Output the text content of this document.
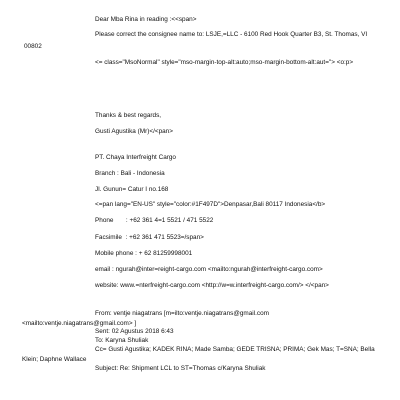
Dear Mba Rina in reading :<<span>

Please correct the consignee name to: LSJE,=LLC - 6100 Red Hook Quarter B3, St. Thomas, VI

00802

<= class="MsoNormal" style="mso-margin-top-alt:auto;mso-margin-bottom-alt:aut="> <o:p>

Thanks & best regards,

Gusti Agustika (Mr)</<pan>

PT. Chaya Interfreight Cargo

Branch : Bali - Indonesia

Jl. Gunun= Catur I no.168

<=pan lang="EN-US" style="color:#1F497D">Denpasar,Bali 80117 Indonesia</b>

Phone       : +62 361 4=1 5521 / 471 5522

Facsimile  : +62 361 471 5523=/span>

Mobile phone : + 62 81259998001

email : ngurah@inter=reight-cargo.com <mailto:ngurah@interfreight-cargo.com>

website: www.=nterfreight-cargo.com <http://w=w.interfreight-cargo.com/> </<pan>

From: ventje niagatrans [m=ilto:ventje.niagatrans@gmail.com

<mailto:ventje.niagatrans@gmail.com> ]

Sent: 02 Agustus 2018 6:43

To: Karyna Shuliak

Cc= Gusti Agustika; KADEK RINA; Made Samba; GEDE TRISNA; PRIMA; Gek Mas; T=SNA; Bella

Klein; Daphne Wallace

Subject: Re: Shipment LCL to ST=Thomas c/Karyna Shuliak
